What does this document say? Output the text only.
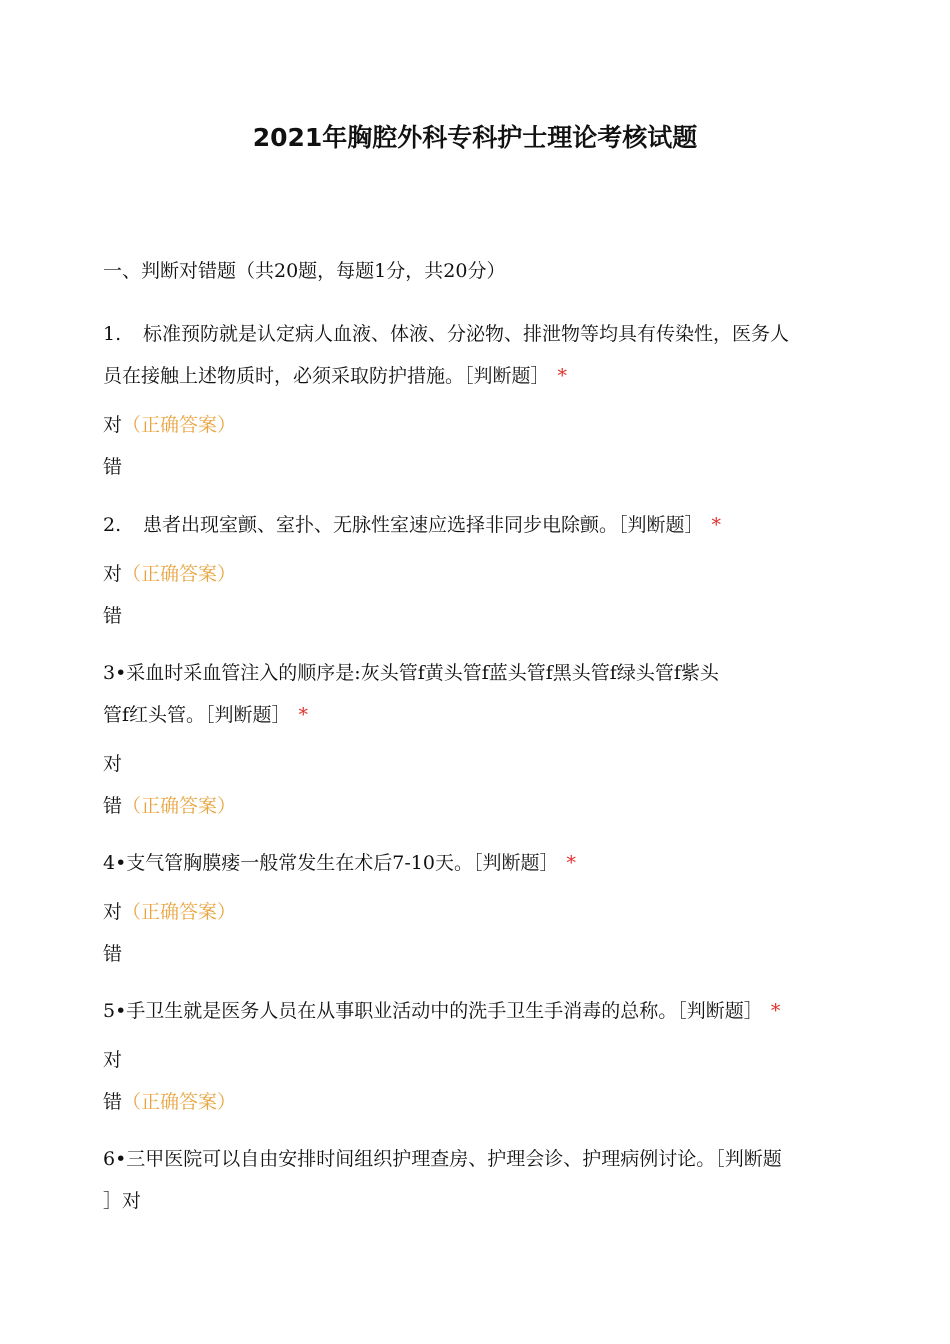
2021年胸腔外科专科护士理论考核试题
一、判断对错题（共20题，每题1分，共20分）
1. 标准预防就是认定病人血液、体液、分泌物、排泄物等均具有传染性，医务人
员在接触上述物质时，必须采取防护措施。［判断题］ *
对（正确答案）
错
2. 患者出现室颤、室扑、无脉性室速应选择非同步电除颤。［判断题］ *
对（正确答案）
错
3•采血时采血管注入的顺序是:灰头管f黄头管f蓝头管f黑头管f绿头管f紫头
管f红头管。［判断题］ *
对
错（正确答案）
4•支气管胸膜瘘一般常发生在术后7-10天。［判断题］ *
对（正确答案）
错
5•手卫生就是医务人员在从事职业活动中的洗手卫生手消毒的总称。［判断题］ *
对
错（正确答案）
6•三甲医院可以自由安排时间组织护理查房、护理会诊、护理病例讨论。［判断题
］对
